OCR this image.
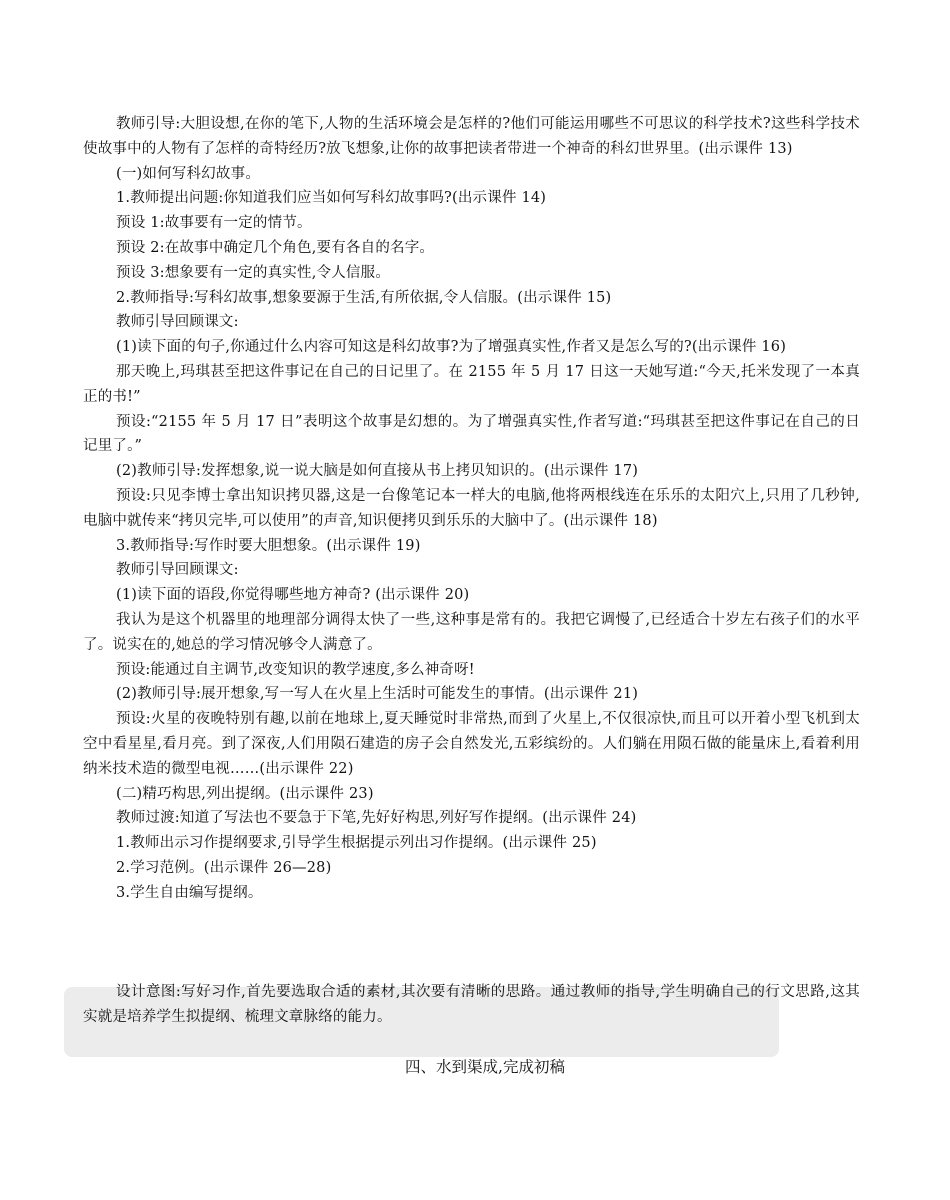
教师引导:大胆设想,在你的笔下,人物的生活环境会是怎样的?他们可能运用哪些不可思议的科学技术?这些科学技术使故事中的人物有了怎样的奇特经历?放飞想象,让你的故事把读者带进一个神奇的科幻世界里。(出示课件 13)

(一)如何写科幻故事。

1.教师提出问题:你知道我们应当如何写科幻故事吗?(出示课件 14)

预设 1:故事要有一定的情节。

预设 2:在故事中确定几个角色,要有各自的名字。

预设 3:想象要有一定的真实性,令人信服。

2.教师指导:写科幻故事,想象要源于生活,有所依据,令人信服。(出示课件 15)

教师引导回顾课文:

(1)读下面的句子,你通过什么内容可知这是科幻故事?为了增强真实性,作者又是怎么写的?(出示课件 16)

那天晚上,玛琪甚至把这件事记在自己的日记里了。在 2155 年 5 月 17 日这一天她写道:“今天,托米发现了一本真正的书!”

预设:“2155 年 5 月 17 日”表明这个故事是幻想的。为了增强真实性,作者写道:“玛琪甚至把这件事记在自己的日记里了。”

(2)教师引导:发挥想象,说一说大脑是如何直接从书上拷贝知识的。(出示课件 17)

预设:只见李博士拿出知识拷贝器,这是一台像笔记本一样大的电脑,他将两根线连在乐乐的太阳穴上,只用了几秒钟,电脑中就传来“拷贝完毕,可以使用”的声音,知识便拷贝到乐乐的大脑中了。(出示课件 18)

3.教师指导:写作时要大胆想象。(出示课件 19)

教师引导回顾课文:

(1)读下面的语段,你觉得哪些地方神奇? (出示课件 20)

我认为是这个机器里的地理部分调得太快了一些,这种事是常有的。我把它调慢了,已经适合十岁左右孩子们的水平了。说实在的,她总的学习情况够令人满意了。

预设:能通过自主调节,改变知识的教学速度,多么神奇呀!

(2)教师引导:展开想象,写一写人在火星上生活时可能发生的事情。(出示课件 21)

预设:火星的夜晚特别有趣,以前在地球上,夏天睡觉时非常热,而到了火星上,不仅很凉快,而且可以开着小型飞机到太空中看星星,看月亮。到了深夜,人们用陨石建造的房子会自然发光,五彩缤纷的。人们躺在用陨石做的能量床上,看着利用纳米技术造的微型电视……(出示课件 22)

(二)精巧构思,列出提纲。(出示课件 23)

教师过渡:知道了写法也不要急于下笔,先好好构思,列好写作提纲。(出示课件 24)

1.教师出示习作提纲要求,引导学生根据提示列出习作提纲。(出示课件 25)

2.学习范例。(出示课件 26—28)

3.学生自由编写提纲。

设计意图:写好习作,首先要选取合适的素材,其次要有清晰的思路。通过教师的指导,学生明确自己的行文思路,这其实就是培养学生拟提纲、梳理文章脉络的能力。

四、水到渠成,完成初稿
